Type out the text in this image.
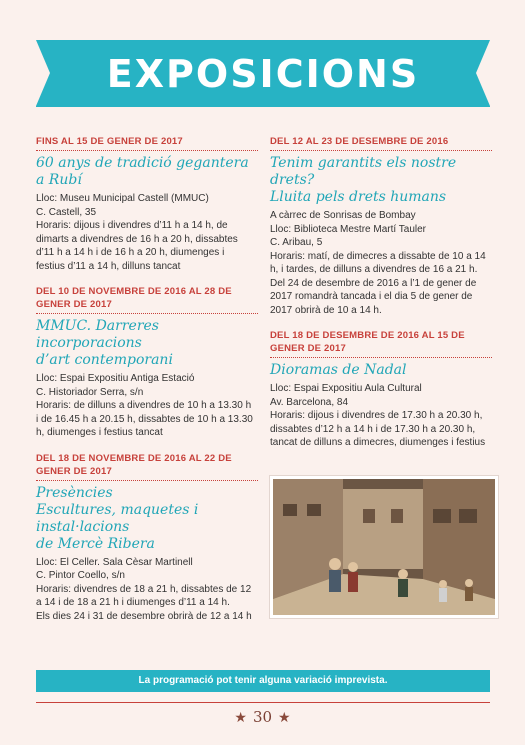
EXPOSICIONS
FINS AL 15 DE GENER DE 2017
60 anys de tradició gegantera a Rubí
Lloc: Museu Municipal Castell (MMUC)
C. Castell, 35
Horaris: dijous i divendres d’11 h a 14 h, de
dimarts a divendres de 16 h a 20 h, dissabtes
d’11 h a 14 h i de 16 h a 20 h, diumenges i
festius d’11 a 14 h, dilluns tancat
DEL 10 DE NOVEMBRE DE 2016 AL 28 DE GENER DE 2017
MMUC. Darreres incorporacions
d’art contemporani
Lloc: Espai Expositiu Antiga Estació
C. Historiador Serra, s/n
Horaris: de dilluns a divendres de 10 h a 13.30 h
i de 16.45 h a 20.15 h, dissabtes de 10 h a 13.30
h, diumenges i festius tancat
DEL 18 DE NOVEMBRE DE 2016 AL 22 DE GENER DE 2017
Presències
Escultures, maquetes i instal·lacions
de Mercè Ribera
Lloc: El Celler. Sala Cèsar Martinell
C. Pintor Coello, s/n
Horaris: divendres de 18 a 21 h, dissabtes de 12
a 14 i de 18 a 21 h i diumenges d’11 a 14 h.
Els dies 24 i 31 de desembre obrirà de 12 a 14 h
DEL 12 AL 23 DE DESEMBRE DE 2016
Tenim garantits els nostre drets?
Lluita pels drets humans
A càrrec de Sonrisas de Bombay
Lloc: Biblioteca Mestre Martí Tauler
C. Aribau, 5
Horaris: matí, de dimecres a dissabte de 10 a 14
h, i tardes, de dilluns a divendres de 16 a 21 h.
Del 24 de desembre de 2016 a l’1 de gener de
2017 romandrà tancada i el dia 5 de gener de
2017 obrirà de 10 a 14 h.
DEL 18 DE DESEMBRE DE 2016 AL 15 DE GENER DE 2017
Dioramas de Nadal
Lloc: Espai Expositiu Aula Cultural
Av. Barcelona, 84
Horaris: dijous i divendres de 17.30 h a 20.30 h,
dissabtes d’12 h a 14 h i de 17.30 h a 20.30 h,
tancat de dilluns a dimecres, diumenges i festius
La programació pot tenir alguna variació imprevista.
★ 30 ★
